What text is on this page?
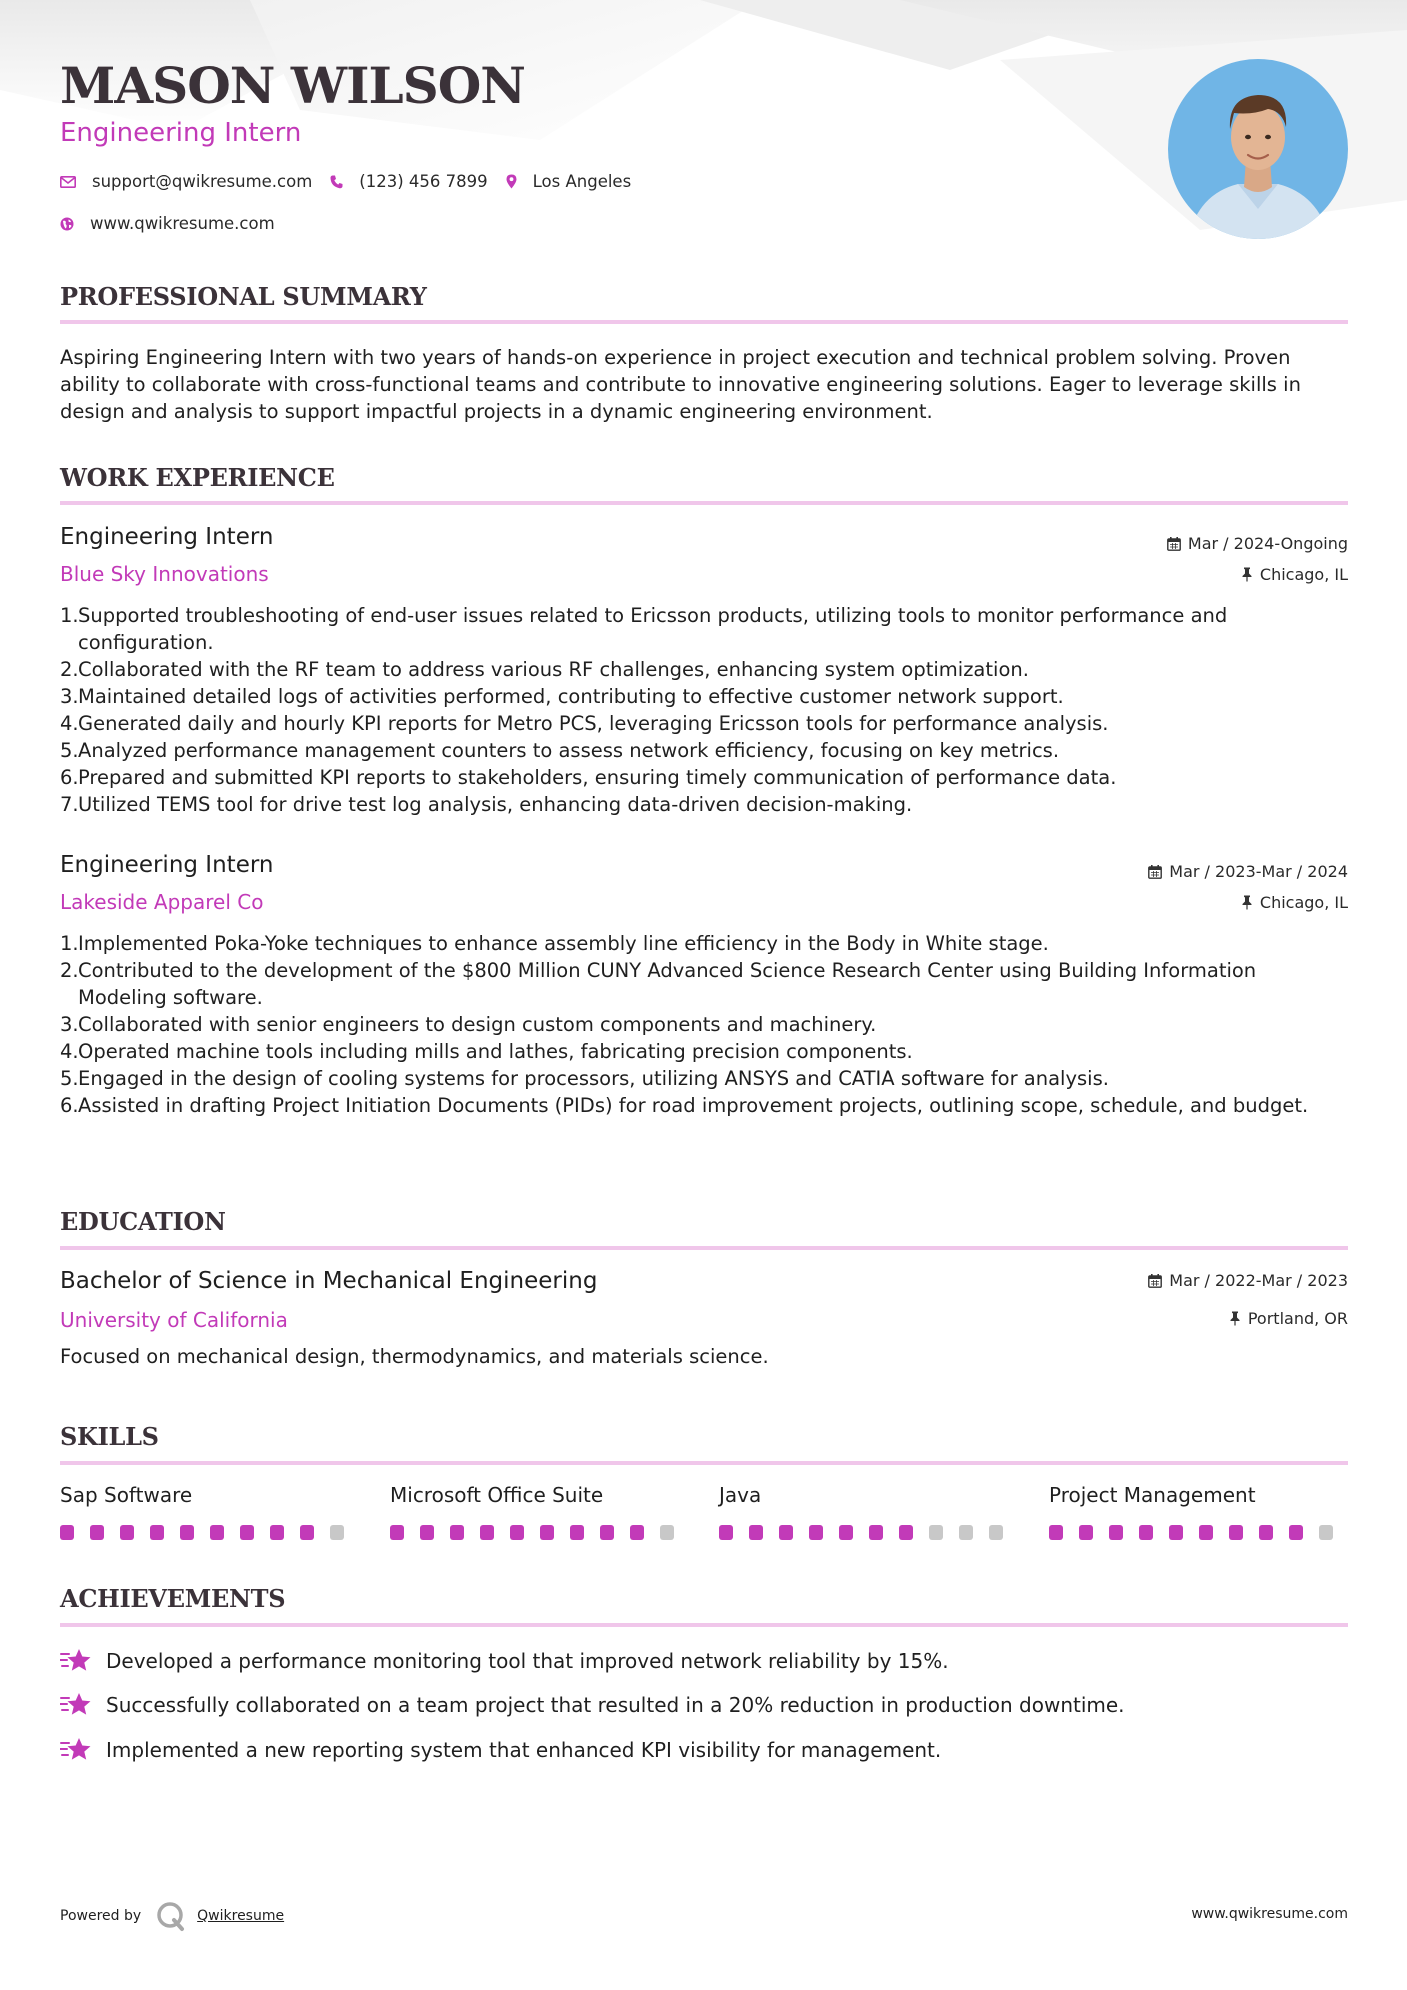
MASON WILSON
Engineering Intern
support@qwikresume.com	(123) 456 7899	Los Angeles
www.qwikresume.com
PROFESSIONAL SUMMARY
Aspiring Engineering Intern with two years of hands-on experience in project execution and technical problem solving. Proven ability to collaborate with cross-functional teams and contribute to innovative engineering solutions. Eager to leverage skills in design and analysis to support impactful projects in a dynamic engineering environment.
WORK EXPERIENCE
Engineering Intern	Mar / 2024-Ongoing
Blue Sky Innovations	Chicago, IL
1. Supported troubleshooting of end-user issues related to Ericsson products, utilizing tools to monitor performance and configuration.
2. Collaborated with the RF team to address various RF challenges, enhancing system optimization.
3. Maintained detailed logs of activities performed, contributing to effective customer network support.
4. Generated daily and hourly KPI reports for Metro PCS, leveraging Ericsson tools for performance analysis.
5. Analyzed performance management counters to assess network efficiency, focusing on key metrics.
6. Prepared and submitted KPI reports to stakeholders, ensuring timely communication of performance data.
7. Utilized TEMS tool for drive test log analysis, enhancing data-driven decision-making.
Engineering Intern	Mar / 2023-Mar / 2024
Lakeside Apparel Co	Chicago, IL
1. Implemented Poka-Yoke techniques to enhance assembly line efficiency in the Body in White stage.
2. Contributed to the development of the $800 Million CUNY Advanced Science Research Center using Building Information Modeling software.
3. Collaborated with senior engineers to design custom components and machinery.
4. Operated machine tools including mills and lathes, fabricating precision components.
5. Engaged in the design of cooling systems for processors, utilizing ANSYS and CATIA software for analysis.
6. Assisted in drafting Project Initiation Documents (PIDs) for road improvement projects, outlining scope, schedule, and budget.
EDUCATION
Bachelor of Science in Mechanical Engineering	Mar / 2022-Mar / 2023
University of California	Portland, OR
Focused on mechanical design, thermodynamics, and materials science.
SKILLS
Sap Software	Microsoft Office Suite	Java	Project Management
ACHIEVEMENTS
Developed a performance monitoring tool that improved network reliability by 15%.
Successfully collaborated on a team project that resulted in a 20% reduction in production downtime.
Implemented a new reporting system that enhanced KPI visibility for management.
Powered by	Qwikresume	www.qwikresume.com
